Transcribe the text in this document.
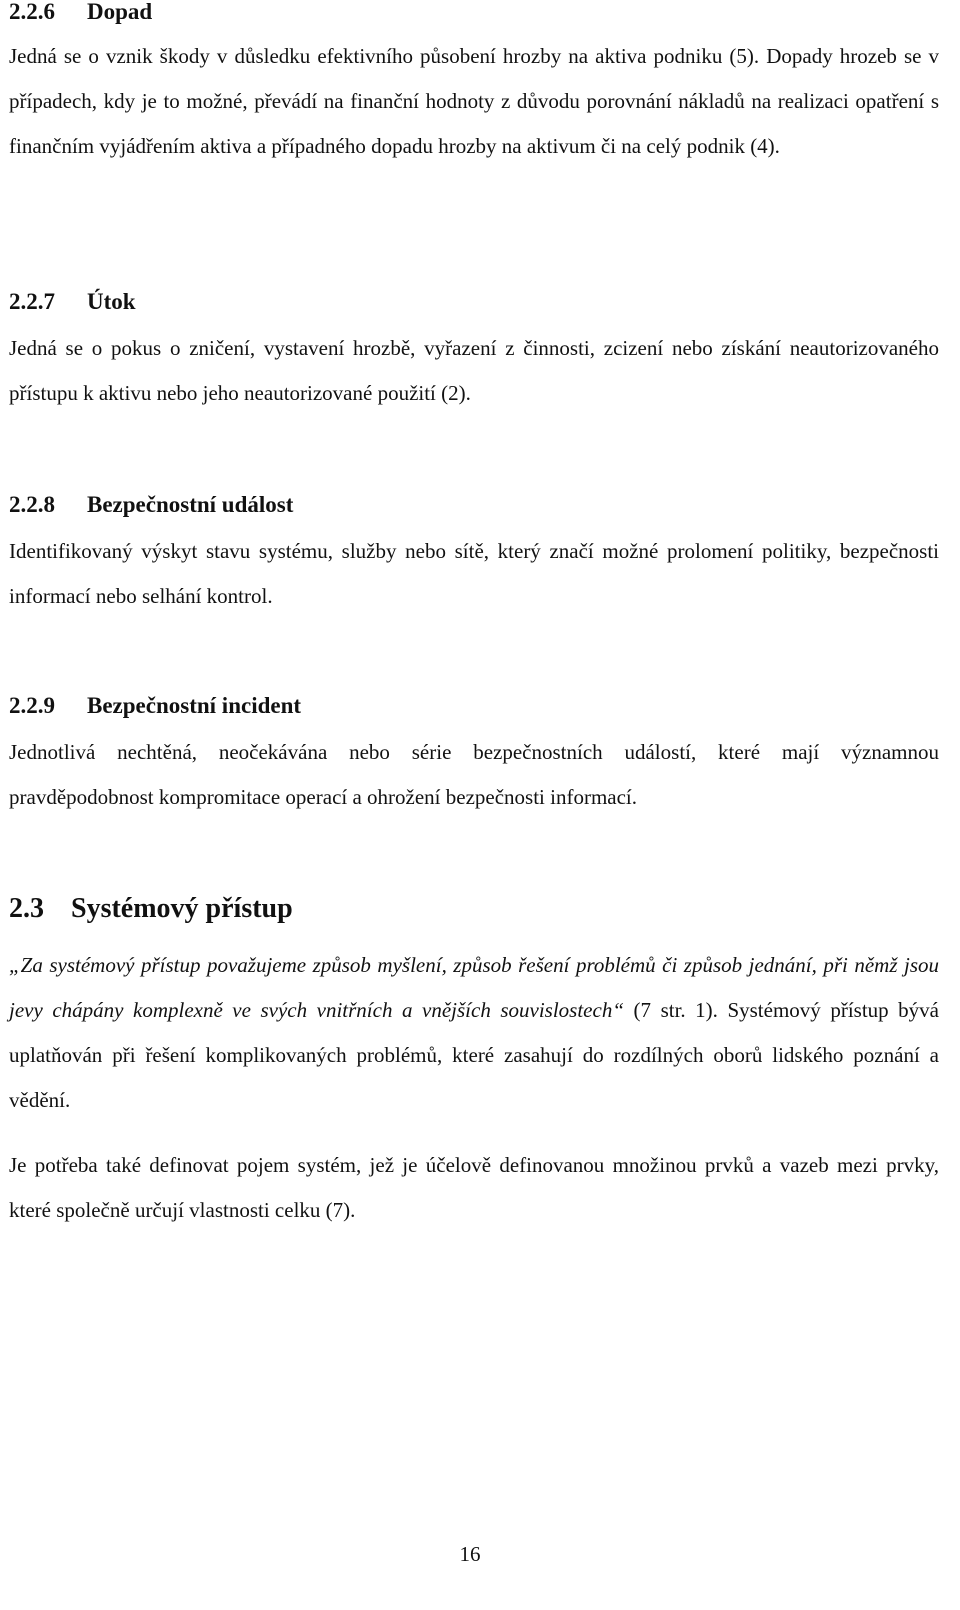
2.2.6 Dopad

Jedná se o vznik škody v důsledku efektivního působení hrozby na aktiva podniku (5). Dopady hrozeb se v případech, kdy je to možné, převádí na finanční hodnoty z důvodu porovnání nákladů na realizaci opatření s finančním vyjádřením aktiva a případného dopadu hrozby na aktivum či na celý podnik (4).

2.2.7 Útok

Jedná se o pokus o zničení, vystavení hrozbě, vyřazení z činnosti, zcizení nebo získání neautorizovaného přístupu k aktivu nebo jeho neautorizované použití (2).

2.2.8 Bezpečnostní událost

Identifikovaný výskyt stavu systému, služby nebo sítě, který značí možné prolomení politiky, bezpečnosti informací nebo selhání kontrol.

2.2.9 Bezpečnostní incident

Jednotlivá nechtěná, neočekávána nebo série bezpečnostních událostí, které mají významnou pravděpodobnost kompromitace operací a ohrožení bezpečnosti informací.

2.3 Systémový přístup

„Za systémový přístup považujeme způsob myšlení, způsob řešení problémů či způsob jednání, při němž jsou jevy chápány komplexně ve svých vnitřních a vnějších souvislostech“ (7 str. 1). Systémový přístup bývá uplatňován při řešení komplikovaných problémů, které zasahují do rozdílných oborů lidského poznání a vědění.

Je potřeba také definovat pojem systém, jež je účelově definovanou množinou prvků a vazeb mezi prvky, které společně určují vlastnosti celku (7).

16
